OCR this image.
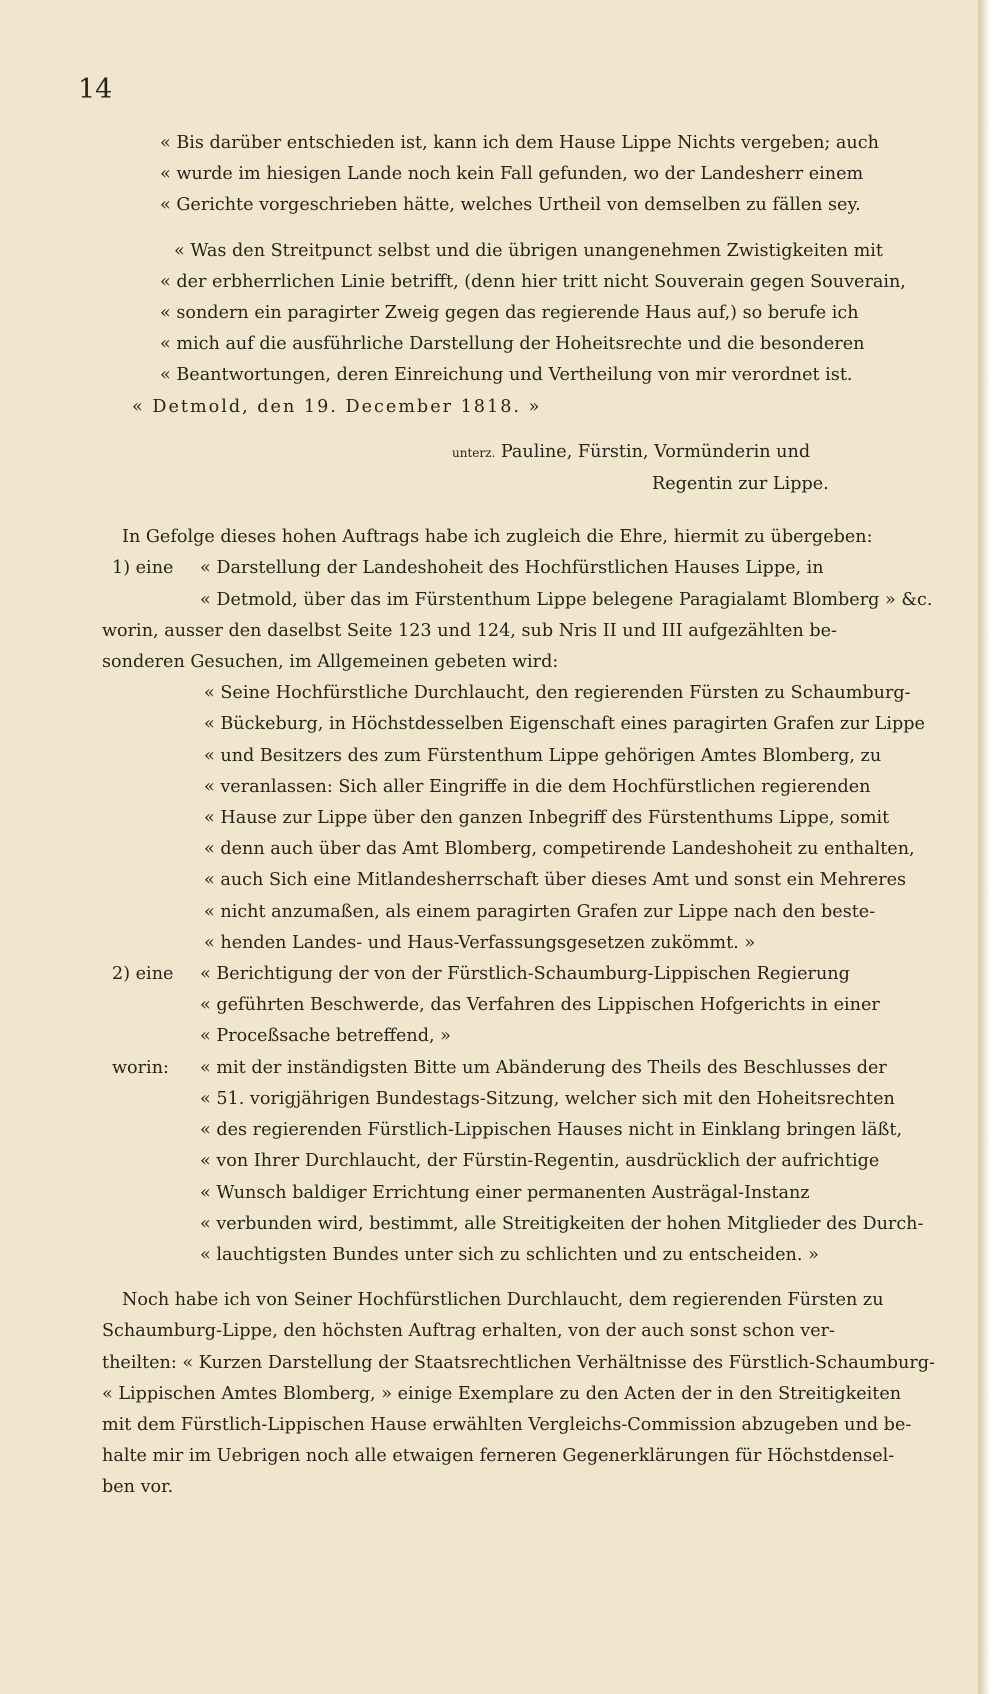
14
« Bis darüber entschieden ist, kann ich dem Hause Lippe Nichts vergeben; auch
« wurde im hiesigen Lande noch kein Fall gefunden, wo der Landesherr einem
« Gerichte vorgeschrieben hätte, welches Urtheil von demselben zu fällen sey.
« Was den Streitpunct selbst und die übrigen unangenehmen Zwistigkeiten mit
« der erbherrlichen Linie betrifft, (denn hier tritt nicht Souverain gegen Souverain,
« sondern ein paragirter Zweig gegen das regierende Haus auf,) so berufe ich
« mich auf die ausführliche Darstellung der Hoheitsrechte und die besonderen
« Beantwortungen, deren Einreichung und Vertheilung von mir verordnet ist.
« Detmold, den 19. December 1818. »
unterz. Pauline, Fürstin, Vormünderin und
Regentin zur Lippe.
In Gefolge dieses hohen Auftrags habe ich zugleich die Ehre, hiermit zu übergeben:
1) eine	« Darstellung der Landeshoheit des Hochfürstlichen Hauses Lippe, in
« Detmold, über das im Fürstenthum Lippe belegene Paragialamt Blomberg » &c.
worin, ausser den daselbst Seite 123 und 124, sub Nris II und III aufgezählten be-
sonderen Gesuchen, im Allgemeinen gebeten wird:
« Seine Hochfürstliche Durchlaucht, den regierenden Fürsten zu Schaumburg-
« Bückeburg, in Höchstdesselben Eigenschaft eines paragirten Grafen zur Lippe
« und Besitzers des zum Fürstenthum Lippe gehörigen Amtes Blomberg, zu
« veranlassen: Sich aller Eingriffe in die dem Hochfürstlichen regierenden
« Hause zur Lippe über den ganzen Inbegriff des Fürstenthums Lippe, somit
« denn auch über das Amt Blomberg, competirende Landeshoheit zu enthalten,
« auch Sich eine Mitlandesherrschaft über dieses Amt und sonst ein Mehreres
« nicht anzumaßen, als einem paragirten Grafen zur Lippe nach den beste-
« henden Landes- und Haus-Verfassungsgesetzen zukömmt. »
2) eine	« Berichtigung der von der Fürstlich-Schaumburg-Lippischen Regierung
« geführten Beschwerde, das Verfahren des Lippischen Hofgerichts in einer
« Proceßsache betreffend, »
worin:	« mit der inständigsten Bitte um Abänderung des Theils des Beschlusses der
« 51. vorigjährigen Bundestags-Sitzung, welcher sich mit den Hoheitsrechten
« des regierenden Fürstlich-Lippischen Hauses nicht in Einklang bringen läßt,
« von Ihrer Durchlaucht, der Fürstin-Regentin, ausdrücklich der aufrichtige
« Wunsch baldiger Errichtung einer permanenten Austrägal-Instanz
« verbunden wird, bestimmt, alle Streitigkeiten der hohen Mitglieder des Durch-
« lauchtigsten Bundes unter sich zu schlichten und zu entscheiden. »
Noch habe ich von Seiner Hochfürstlichen Durchlaucht, dem regierenden Fürsten zu
Schaumburg-Lippe, den höchsten Auftrag erhalten, von der auch sonst schon ver-
theilten: « Kurzen Darstellung der Staatsrechtlichen Verhältnisse des Fürstlich-Schaumburg-
« Lippischen Amtes Blomberg, » einige Exemplare zu den Acten der in den Streitigkeiten
mit dem Fürstlich-Lippischen Hause erwählten Vergleichs-Commission abzugeben und be-
halte mir im Uebrigen noch alle etwaigen ferneren Gegenerklärungen für Höchstdensel-
ben vor.
